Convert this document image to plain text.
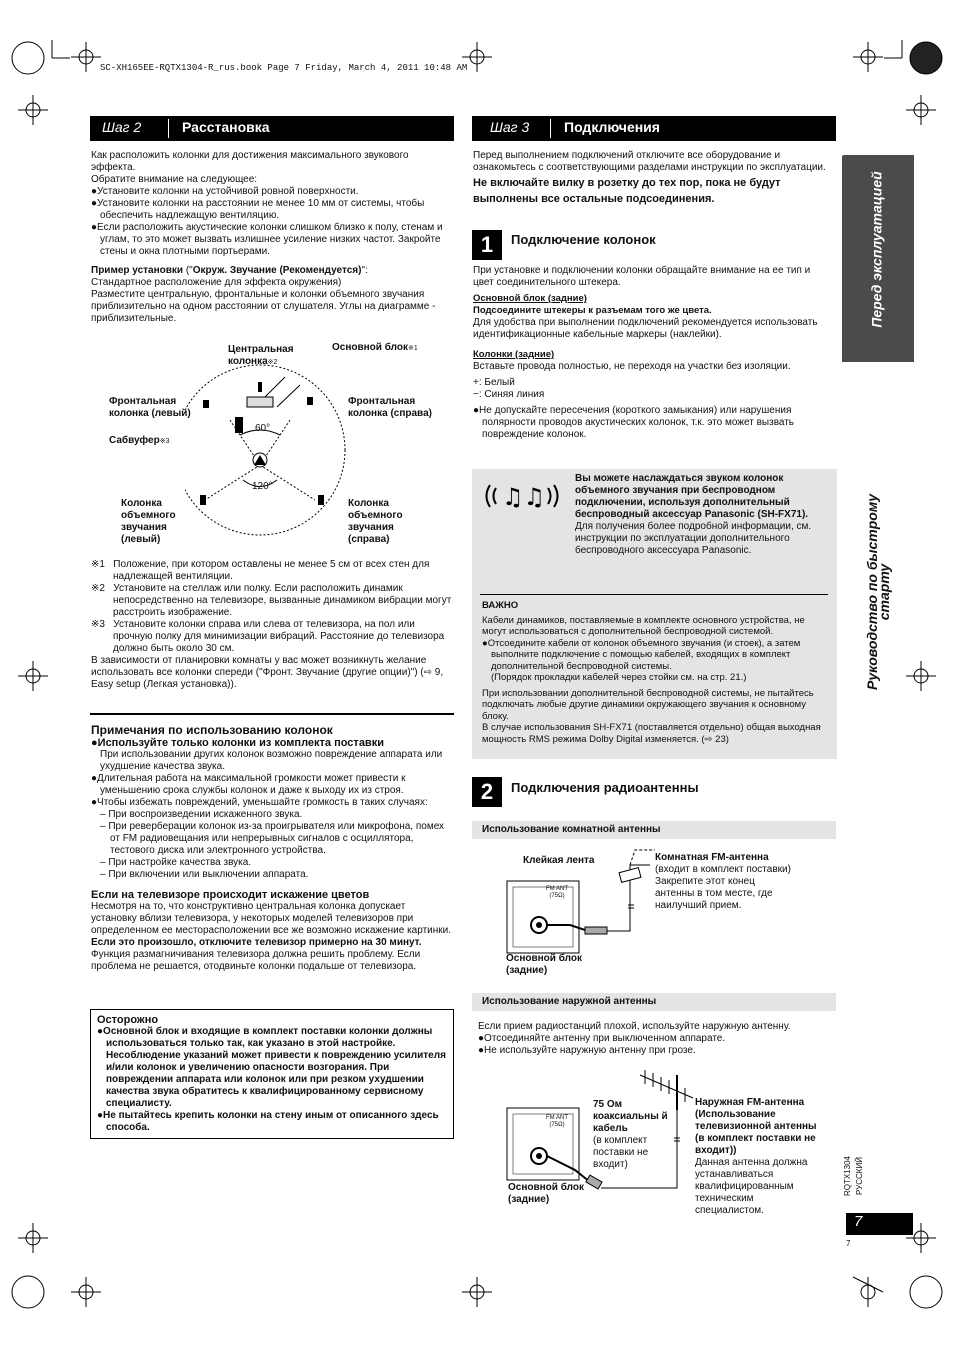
SC-XH165EE-RQTX1304-R_rus.book Page 7 Friday, March 4, 2011 10:48 AM
Шаг 2	Расстановка

Как расположить колонки для достижения максимального звукового эффекта.

Обратите внимание на следующее:

●Установите колонки на устойчивой ровной поверхности.

●Установите колонки на расстоянии не менее 10 мм от системы, чтобы обеспечить надлежащую вентиляцию.

●Если расположить акустические колонки слишком близко к полу, стенам и углам, то это может вызвать излишнее усиление низких частот. Закройте стены и окна плотными портьерами.

Пример установки ("Окруж. Звучание (Рекомендуется)":

Стандартное расположение для эффекта окружения)

Разместите центральную, фронтальные и колонки объемного звучания приблизительно на одном расстоянии от слушателя. Углы на диаграмме - приблизительные.

Центральная колонка※2
Основной блок※1
Фронтальная колонка (левый)
Фронтальная колонка (справа)
Сабвуфер※3
60°
120°
Колонка объемного звучания (левый)
Колонка объемного звучания (справа)

※1 Положение, при котором оставлены не менее 5 см от всех стен для надлежащей вентиляции.

※2 Установите на стеллаж или полку. Если расположить динамик непосредственно на телевизоре, вызванные динамиком вибрации могут расстроить изображение.

※3 Установите колонки справа или слева от телевизора, на пол или прочную полку для минимизации вибраций. Расстояние до телевизора должно быть около 30 см.

В зависимости от планировки комнаты у вас может возникнуть желание использовать все колонки спереди ("Фронт. Звучание (другие опции)") (⇨ 9, Easy setup (Легкая установка)).

Примечания по использованию колонок

●Используйте только колонки из комплекта поставки

При использовании других колонок возможно повреждение аппарата или ухудшение качества звука.

●Длительная работа на максимальной громкости может привести к уменьшению срока службы колонок и даже к выходу их из строя.

●Чтобы избежать повреждений, уменьшайте громкость в таких случаях:

– При воспроизведении искаженного звука.

– При реверберации колонок из-за проигрывателя или микрофона, помех от FM радиовещания или непрерывных сигналов с осциллятора, тестового диска или электронного устройства.

– При настройке качества звука.

– При включении или выключении аппарата.

Если на телевизоре происходит искажение цветов

Несмотря на то, что конструктивно центральная колонка допускает установку вблизи телевизора, у некоторых моделей телевизоров при определенном ее месторасположении все же возможно искажение картинки.

Если это произошло, отключите телевизор примерно на 30 минут.

Функция размагничивания телевизора должна решить проблему. Если проблема не решается, отодвиньте колонки подальше от телевизора.

Осторожно

●Основной блок и входящие в комплект поставки колонки должны использоваться только так, как указано в этой настройке. Несоблюдение указаний может привести к повреждению усилителя и/или колонок и увеличению опасности возгорания. При повреждении аппарата или колонок или при резком ухудшении качества звука обратитесь к квалифицированному сервисному специалисту.

●Не пытайтесь крепить колонки на стену иным от описанного здесь способа.

Шаг 3 Подключения

Перед выполнением подключений отключите все оборудование и ознакомьтесь с соответствующими разделами инструкции по эксплуатации.

Не включайте вилку в розетку до тех пор, пока не будут выполнены все остальные подсоединения.

1	Подключение колонок

При установке и подключении колонки обращайте внимание на ее тип и цвет соединительного штекера.

Основной блок (задние)

Подсоедините штекеры к разъемам того же цвета.

Для удобства при выполнении подключений рекомендуется использовать идентификационные кабельные маркеры (наклейки).

Колонки (задние)

Вставьте провода полностью, не переходя на участки без изоляции.

+: Белый

−: Синяя линия

●Не допускайте пересечения (короткого замыкания) или нарушения полярности проводов акустических колонок, т.к. это может вызвать повреждение колонок.

♫♫

Вы можете наслаждаться звуком колонок объемного звучания при беспроводном подключении, используя дополнительный беспроводный аксессуар Panasonic (SH-FX71).

Для получения более подробной информации, см. инструкции по эксплуатации дополнительного беспроводного аксессуара Panasonic.

ВАЖНО

Кабели динамиков, поставляемые в комплекте основного устройства, не могут использоваться с дополнительной беспроводной системой.

●Отсоедините кабели от колонок объемного звучания (и стоек), а затем выполните подключение с помощью кабелей, входящих в комплект дополнительной беспроводной системы.

(Порядок прокладки кабелей через стойки см. на стр. 21.)

При использовании дополнительной беспроводной системы, не пытайтесь подключать любые другие динамики окружающего звучания к основному блоку.

В случае использования SH-FX71 (поставляется отдельно) общая выходная мощность RMS режима Dolby Digital изменяется. (⇨ 23)

2	Подключения радиоантенны
Использование комнатной антенны
FM ANT
(75Ω)
Клейкая лента	Комнатная FM-антенна

(входит в комплект поставки)

Закрепите этот конец антенны в том месте, где наилучший прием.

Основной блок (задние)
Использование наружной антенны

Если прием радиостанций плохой, используйте наружную антенну.

●Отсоединяйте антенну при выключенном аппарате.

●Не используйте наружную антенну при грозе.

FM ANT
(75Ω)

75 Ом коаксиальны й кабель

(в комплект поставки не входит)

Наружная FM-антенна (Использование телевизионной антенны (в комплект поставки не входит))

Данная антенна должна устанавливаться квалифицированным техническим специалистом.

Основной блок (задние)
Перед эксплуатацией
Руководство по быстрому старту
RQTX1304 РУССКИЙ
7
7
